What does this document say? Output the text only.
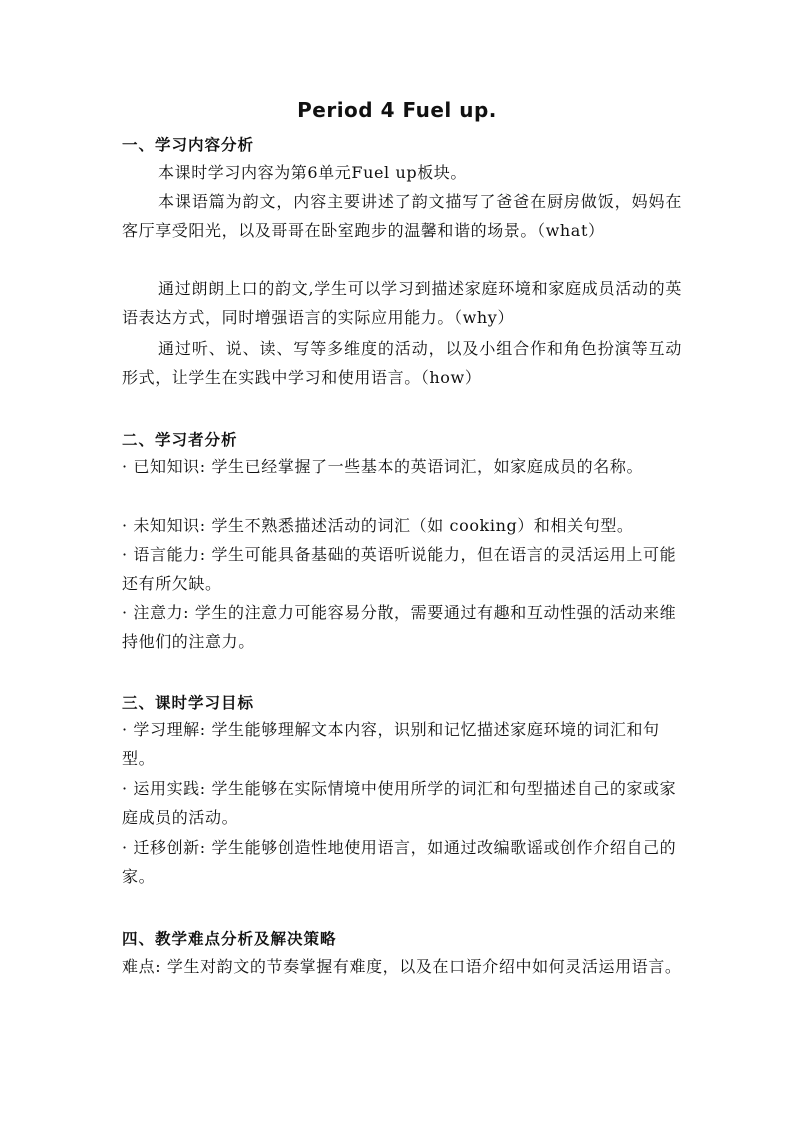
Period 4 Fuel up.
一、学习内容分析
本课时学习内容为第6单元Fuel up板块。
本课语篇为韵文，内容主要讲述了韵文描写了爸爸在厨房做饭，妈妈在客厅享受阳光，以及哥哥在卧室跑步的温馨和谐的场景。（what）
通过朗朗上口的韵文,学生可以学习到描述家庭环境和家庭成员活动的英语表达方式，同时增强语言的实际应用能力。（why）
通过听、说、读、写等多维度的活动，以及小组合作和角色扮演等互动形式，让学生在实践中学习和使用语言。（how）
二、学习者分析
· 已知知识: 学生已经掌握了一些基本的英语词汇，如家庭成员的名称。
· 未知知识: 学生不熟悉描述活动的词汇（如 cooking）和相关句型。
· 语言能力: 学生可能具备基础的英语听说能力，但在语言的灵活运用上可能还有所欠缺。
· 注意力: 学生的注意力可能容易分散，需要通过有趣和互动性强的活动来维持他们的注意力。
三、课时学习目标
· 学习理解: 学生能够理解文本内容，识别和记忆描述家庭环境的词汇和句型。
· 运用实践: 学生能够在实际情境中使用所学的词汇和句型描述自己的家或家庭成员的活动。
· 迁移创新: 学生能够创造性地使用语言，如通过改编歌谣或创作介绍自己的家。
四、教学难点分析及解决策略
难点: 学生对韵文的节奏掌握有难度，以及在口语介绍中如何灵活运用语言。
